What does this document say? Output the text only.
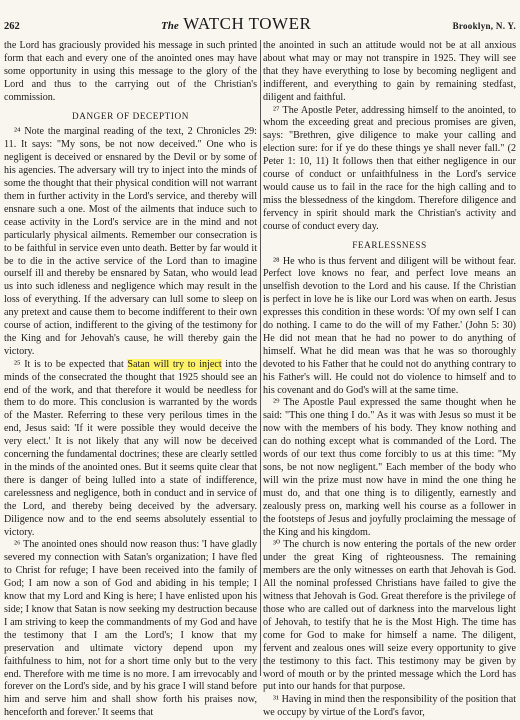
262	The WATCH TOWER	Brooklyn, N. Y.

the Lord has graciously provided his message in such printed form that each and every one of the anointed ones may have some opportunity in using this message to the glory of the Lord and thus to the carrying out of the Christian's commission.

DANGER OF DECEPTION

²⁴ Note the marginal reading of the text, 2 Chronicles 29: 11. It says: "My sons, be not now deceived." One who is negligent is deceived or ensnared by the Devil or by some of his agencies. The adversary will try to inject into the minds of some the thought that their physical condition will not warrant them in further activity in the Lord's service, and thereby will ensnare such a one. Most of the ailments that induce such to cease activity in the Lord's service are in the mind and not particularly physical ailments. Remember our consecration is to be faithful in service even unto death. Better by far would it be to die in the active service of the Lord than to imagine ourself ill and thereby be ensnared by Satan, who would lead us into such idleness and negligence which may result in the loss of everything. If the adversary can lull some to sleep on any pretext and cause them to become indifferent to their own course of action, indifferent to the giving of the testimony for the King and for Jehovah's cause, he will thereby gain the victory.

²⁵ It is to be expected that Satan will try to inject into the minds of the consecrated the thought that 1925 should see an end of the work, and that therefore it would be needless for them to do more. This conclusion is warranted by the words of the Master. Referring to these very perilous times in the end, Jesus said: 'If it were possible they would deceive the very elect.' It is not likely that any will now be deceived concerning the fundamental doctrines; these are clearly settled in the minds of the anointed ones. But it seems quite clear that there is danger of being lulled into a state of indifference, carelessness and negligence, both in conduct and in service of the Lord, and thereby being deceived by the adversary. Diligence now and to the end seems absolutely essential to victory.

²⁶ The anointed ones should now reason thus: 'I have gladly severed my connection with Satan's organization; I have fled to Christ for refuge; I have been received into the family of God; I am now a son of God and abiding in his temple; I know that my Lord and King is here; I have enlisted upon his side; I know that Satan is now seeking my destruction because I am striving to keep the commandments of my God and have the testimony that I am the Lord's; I know that my preservation and ultimate victory depend upon my faithfulness to him, not for a short time only but to the very end. Therefore with me time is no more. I am irrevocably and forever on the Lord's side, and by his grace I will stand before him and serve him and shall show forth his praises now, henceforth and forever.' It seems that

the anointed in such an attitude would not be at all anxious about what may or may not transpire in 1925. They will see that they have everything to lose by becoming negligent and indifferent, and everything to gain by remaining stedfast, diligent and faithful.

²⁷ The Apostle Peter, addressing himself to the anointed, to whom the exceeding great and precious promises are given, says: "Brethren, give diligence to make your calling and election sure: for if ye do these things ye shall never fall." (2 Peter 1: 10, 11) It follows then that either negligence in our course of conduct or unfaithfulness in the Lord's service would cause us to fail in the race for the high calling and to miss the blessedness of the kingdom. Therefore diligence and fervency in spirit should mark the Christian's activity and course of conduct every day.

FEARLESSNESS

²⁸ He who is thus fervent and diligent will be without fear. Perfect love knows no fear, and perfect love means an unselfish devotion to the Lord and his cause. If the Christian is perfect in love he is like our Lord was when on earth. Jesus expresses this condition in these words: 'Of my own self I can do nothing. I came to do the will of my Father.' (John 5: 30) He did not mean that he had no power to do anything of himself. What he did mean was that he was so thoroughly devoted to his Father that he could not do anything contrary to his Father's will. He could not do violence to himself and to his covenant and do God's will at the same time.

²⁹ The Apostle Paul expressed the same thought when he said: "This one thing I do." As it was with Jesus so must it be now with the members of his body. They know nothing and can do nothing except what is commanded of the Lord. The words of our text thus come forcibly to us at this time: "My sons, be not now negligent." Each member of the body who will win the prize must now have in mind the one thing he must do, and that one thing is to diligently, earnestly and zealously press on, marking well his course as a follower in the footsteps of Jesus and joyfully proclaiming the message of the King and his kingdom.

³⁰ The church is now entering the portals of the new order under the great King of righteousness. The remaining members are the only witnesses on earth that Jehovah is God. All the nominal professed Christians have failed to give the witness that Jehovah is God. Great therefore is the privilege of those who are called out of darkness into the marvelous light of Jehovah, to testify that he is the Most High. The time has come for God to make for himself a name. The diligent, fervent and zealous ones will seize every opportunity to give the testimony to this fact. This testimony may be given by word of mouth or by the printed message which the Lord has put into our hands for that purpose.

³¹ Having in mind then the responsibility of the position that we occupy by virtue of the Lord's favor,
